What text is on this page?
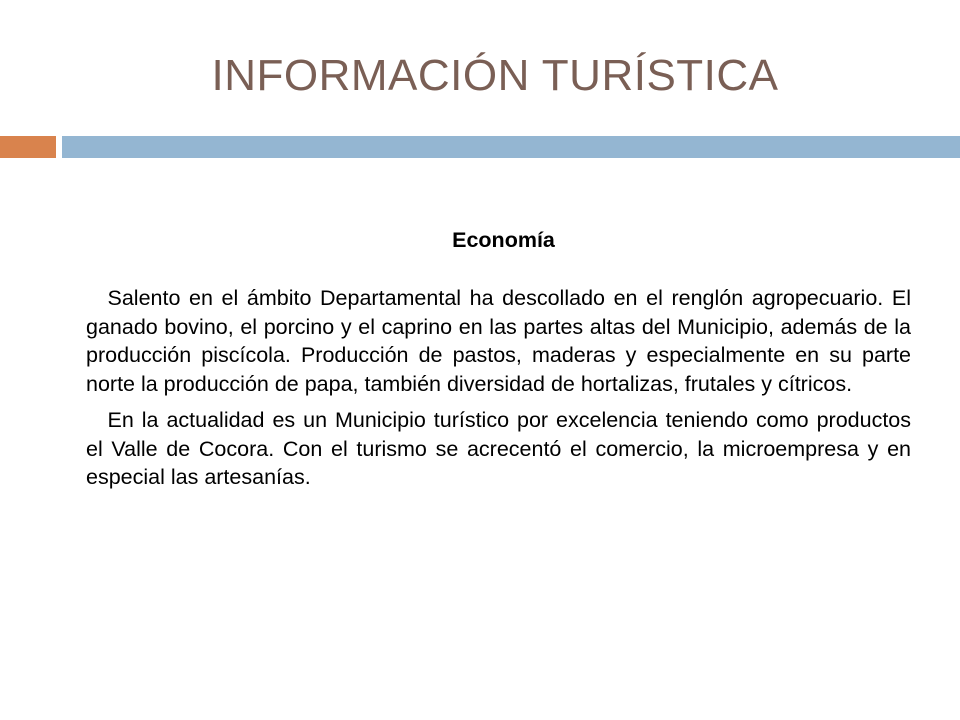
INFORMACIÓN TURÍSTICA

Economía

Salento en el ámbito Departamental ha descollado en el renglón agropecuario. El ganado bovino, el porcino y el caprino en las partes altas del Municipio, además de la producción piscícola. Producción de pastos, maderas y especialmente en su parte norte la producción de papa, también diversidad de hortalizas, frutales y cítricos.

En la actualidad es un Municipio turístico por excelencia teniendo como productos el Valle de Cocora. Con el turismo se acrecentó el comercio, la microempresa y en especial las artesanías.
